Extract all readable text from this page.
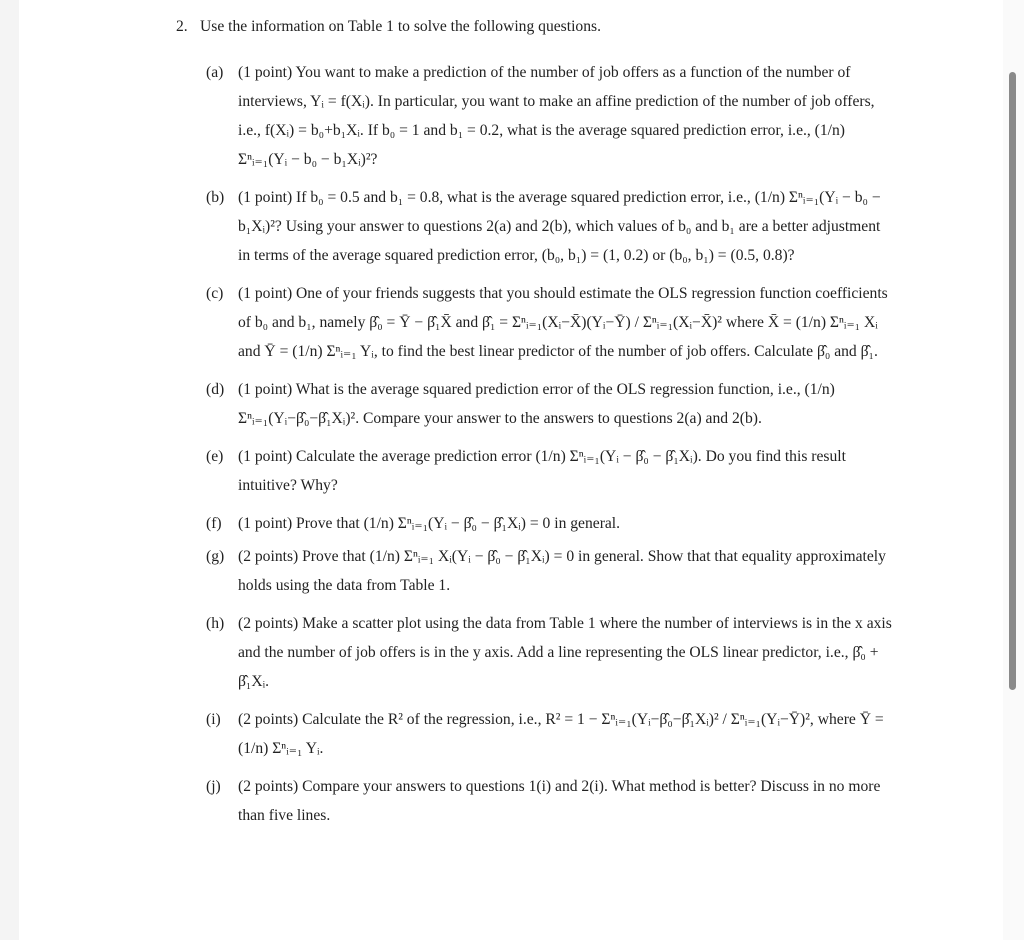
2. Use the information on Table 1 to solve the following questions.
(a) (1 point) You want to make a prediction of the number of job offers as a function of the number of interviews, Yᵢ = f(Xᵢ). In particular, you want to make an affine prediction of the number of job offers, i.e., f(Xᵢ) = b₀+b₁Xᵢ. If b₀ = 1 and b₁ = 0.2, what is the average squared prediction error, i.e., (1/n) Σⁿᵢ₌₁(Yᵢ − b₀ − b₁Xᵢ)²?
(b) (1 point) If b₀ = 0.5 and b₁ = 0.8, what is the average squared prediction error, i.e., (1/n) Σⁿᵢ₌₁(Yᵢ − b₀ − b₁Xᵢ)²? Using your answer to questions 2(a) and 2(b), which values of b₀ and b₁ are a better adjustment in terms of the average squared prediction error, (b₀, b₁) = (1, 0.2) or (b₀, b₁) = (0.5, 0.8)?
(c) (1 point) One of your friends suggests that you should estimate the OLS regression function coefficients of b₀ and b₁, namely β̂₀ = Ȳ − β̂₁X̄ and β̂₁ = Σⁿᵢ₌₁(Xᵢ−X̄)(Yᵢ−Ȳ) / Σⁿᵢ₌₁(Xᵢ−X̄)² where X̄ = (1/n) Σⁿᵢ₌₁ Xᵢ and Ȳ = (1/n) Σⁿᵢ₌₁ Yᵢ, to find the best linear predictor of the number of job offers. Calculate β̂₀ and β̂₁.
(d) (1 point) What is the average squared prediction error of the OLS regression function, i.e., (1/n) Σⁿᵢ₌₁(Yᵢ−β̂₀−β̂₁Xᵢ)². Compare your answer to the answers to questions 2(a) and 2(b).
(e) (1 point) Calculate the average prediction error (1/n) Σⁿᵢ₌₁(Yᵢ − β̂₀ − β̂₁Xᵢ). Do you find this result intuitive? Why?
(f) (1 point) Prove that (1/n) Σⁿᵢ₌₁(Yᵢ − β̂₀ − β̂₁Xᵢ) = 0 in general.
(g) (2 points) Prove that (1/n) Σⁿᵢ₌₁ Xᵢ(Yᵢ − β̂₀ − β̂₁Xᵢ) = 0 in general. Show that that equality approximately holds using the data from Table 1.
(h) (2 points) Make a scatter plot using the data from Table 1 where the number of interviews is in the x axis and the number of job offers is in the y axis. Add a line representing the OLS linear predictor, i.e., β̂₀ + β̂₁Xᵢ.
(i) (2 points) Calculate the R² of the regression, i.e., R² = 1 − Σⁿᵢ₌₁(Yᵢ−β̂₀−β̂₁Xᵢ)² / Σⁿᵢ₌₁(Yᵢ−Ȳ)², where Ȳ = (1/n) Σⁿᵢ₌₁ Yᵢ.
(j) (2 points) Compare your answers to questions 1(i) and 2(i). What method is better? Discuss in no more than five lines.
